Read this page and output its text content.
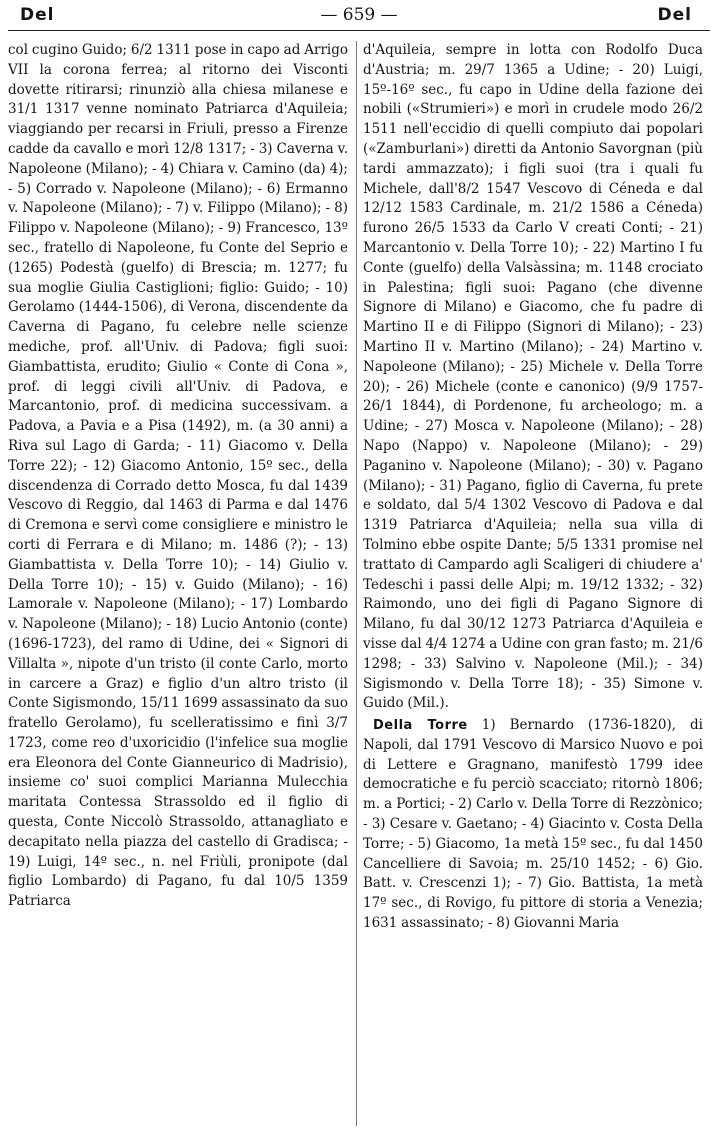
Del	— 659 —	Del

col cugino Guido; 6/2 1311 pose in capo ad Arrigo VII la corona ferrea; al ritorno dei Visconti dovette ritirarsi; rinunziò alla chiesa milanese e 31/1 1317 venne nominato Patriarca d'Aquileia; viaggiando per recarsi in Friuli, presso a Firenze cadde da cavallo e morì 12/8 1317; - 3) Caverna v. Napoleone (Milano); - 4) Chiara v. Camino (da) 4); - 5) Corrado v. Napoleone (Milano); - 6) Ermanno v. Napoleone (Milano); - 7) v. Filippo (Milano); - 8) Filippo v. Napoleone (Milano); - 9) Francesco, 13º sec., fratello di Napoleone, fu Conte del Seprio e (1265) Podestà (guelfo) di Brescia; m. 1277; fu sua moglie Giulia Castiglioni; figlio: Guido; - 10) Gerolamo (1444-1506), di Verona, discendente da Caverna di Pagano, fu celebre nelle scienze mediche, prof. all'Univ. di Padova; figli suoi: Giambattista, erudito; Giulio « Conte di Cona », prof. di leggi civili all'Univ. di Padova, e Marcantonio, prof. di medicina successivam. a Padova, a Pavia e a Pisa (1492), m. (a 30 anni) a Riva sul Lago di Garda; - 11) Giacomo v. Della Torre 22); - 12) Giacomo Antonio, 15º sec., della discendenza di Corrado detto Mosca, fu dal 1439 Vescovo di Reggio, dal 1463 di Parma e dal 1476 di Cremona e servì come consigliere e ministro le corti di Ferrara e di Milano; m. 1486 (?); - 13) Giambattista v. Della Torre 10); - 14) Giulio v. Della Torre 10); - 15) v. Guido (Milano); - 16) Lamorale v. Napoleone (Milano); - 17) Lombardo v. Napoleone (Milano); - 18) Lucio Antonio (conte) (1696-1723), del ramo di Udine, dei « Signori di Villalta », nipote d'un tristo (il conte Carlo, morto in carcere a Graz) e figlio d'un altro tristo (il Conte Sigismondo, 15/11 1699 assassinato da suo fratello Gerolamo), fu scelleratissimo e finì 3/7 1723, come reo d'uxoricidio (l'infelice sua moglie era Eleonora del Conte Gianneurico di Madrisio), insieme co' suoi complici Marianna Mulecchia maritata Contessa Strassoldo ed il figlio di questa, Conte Niccolò Strassoldo, attanagliato e decapitato nella piazza del castello di Gradisca; - 19) Luigi, 14º sec., n. nel Friùli, pronipote (dal figlio Lombardo) di Pagano, fu dal 10/5 1359 Patriarca

d'Aquileia, sempre in lotta con Rodolfo Duca d'Austria; m. 29/7 1365 a Udine; - 20) Luigi, 15º-16º sec., fu capo in Udine della fazione dei nobili («Strumieri») e morì in crudele modo 26/2 1511 nell'eccidio di quelli compiuto dai popolari («Zamburlani») diretti da Antonio Savorgnan (più tardi ammazzato); i figli suoi (tra i quali fu Michele, dall'8/2 1547 Vescovo di Céneda e dal 12/12 1583 Cardinale, m. 21/2 1586 a Céneda) furono 26/5 1533 da Carlo V creati Conti; - 21) Marcantonio v. Della Torre 10); - 22) Martino I fu Conte (guelfo) della Valsàssina; m. 1148 crociato in Palestina; figli suoi: Pagano (che divenne Signore di Milano) e Giacomo, che fu padre di Martino II e di Filippo (Signori di Milano); - 23) Martino II v. Martino (Milano); - 24) Martino v. Napoleone (Milano); - 25) Michele v. Della Torre 20); - 26) Michele (conte e canonico) (9/9 1757-26/1 1844), di Pordenone, fu archeologo; m. a Udine; - 27) Mosca v. Napoleone (Milano); - 28) Napo (Nappo) v. Napoleone (Milano); - 29) Paganino v. Napoleone (Milano); - 30) v. Pagano (Milano); - 31) Pagano, figlio di Caverna, fu prete e soldato, dal 5/4 1302 Vescovo di Padova e dal 1319 Patriarca d'Aquileia; nella sua villa di Tolmino ebbe ospite Dante; 5/5 1331 promise nel trattato di Campardo agli Scaligeri di chiudere a' Tedeschi i passi delle Alpi; m. 19/12 1332; - 32) Raimondo, uno dei figli di Pagano Signore di Milano, fu dal 30/12 1273 Patriarca d'Aquileia e visse dal 4/4 1274 a Udine con gran fasto; m. 21/6 1298; - 33) Salvino v. Napoleone (Mil.); - 34) Sigismondo v. Della Torre 18); - 35) Simone v. Guido (Mil.).

Della Torre 1) Bernardo (1736-1820), di Napoli, dal 1791 Vescovo di Marsico Nuovo e poi di Lettere e Gragnano, manifestò 1799 idee democratiche e fu perciò scacciato; ritornò 1806; m. a Portici; - 2) Carlo v. Della Torre di Rezzònico; - 3) Cesare v. Gaetano; - 4) Giacinto v. Costa Della Torre; - 5) Giacomo, 1a metà 15º sec., fu dal 1450 Cancelliere di Savoia; m. 25/10 1452; - 6) Gio. Batt. v. Crescenzi 1); - 7) Gio. Battista, 1a metà 17º sec., di Rovigo, fu pittore di storia a Venezia; 1631 assassinato; - 8) Giovanni Maria
